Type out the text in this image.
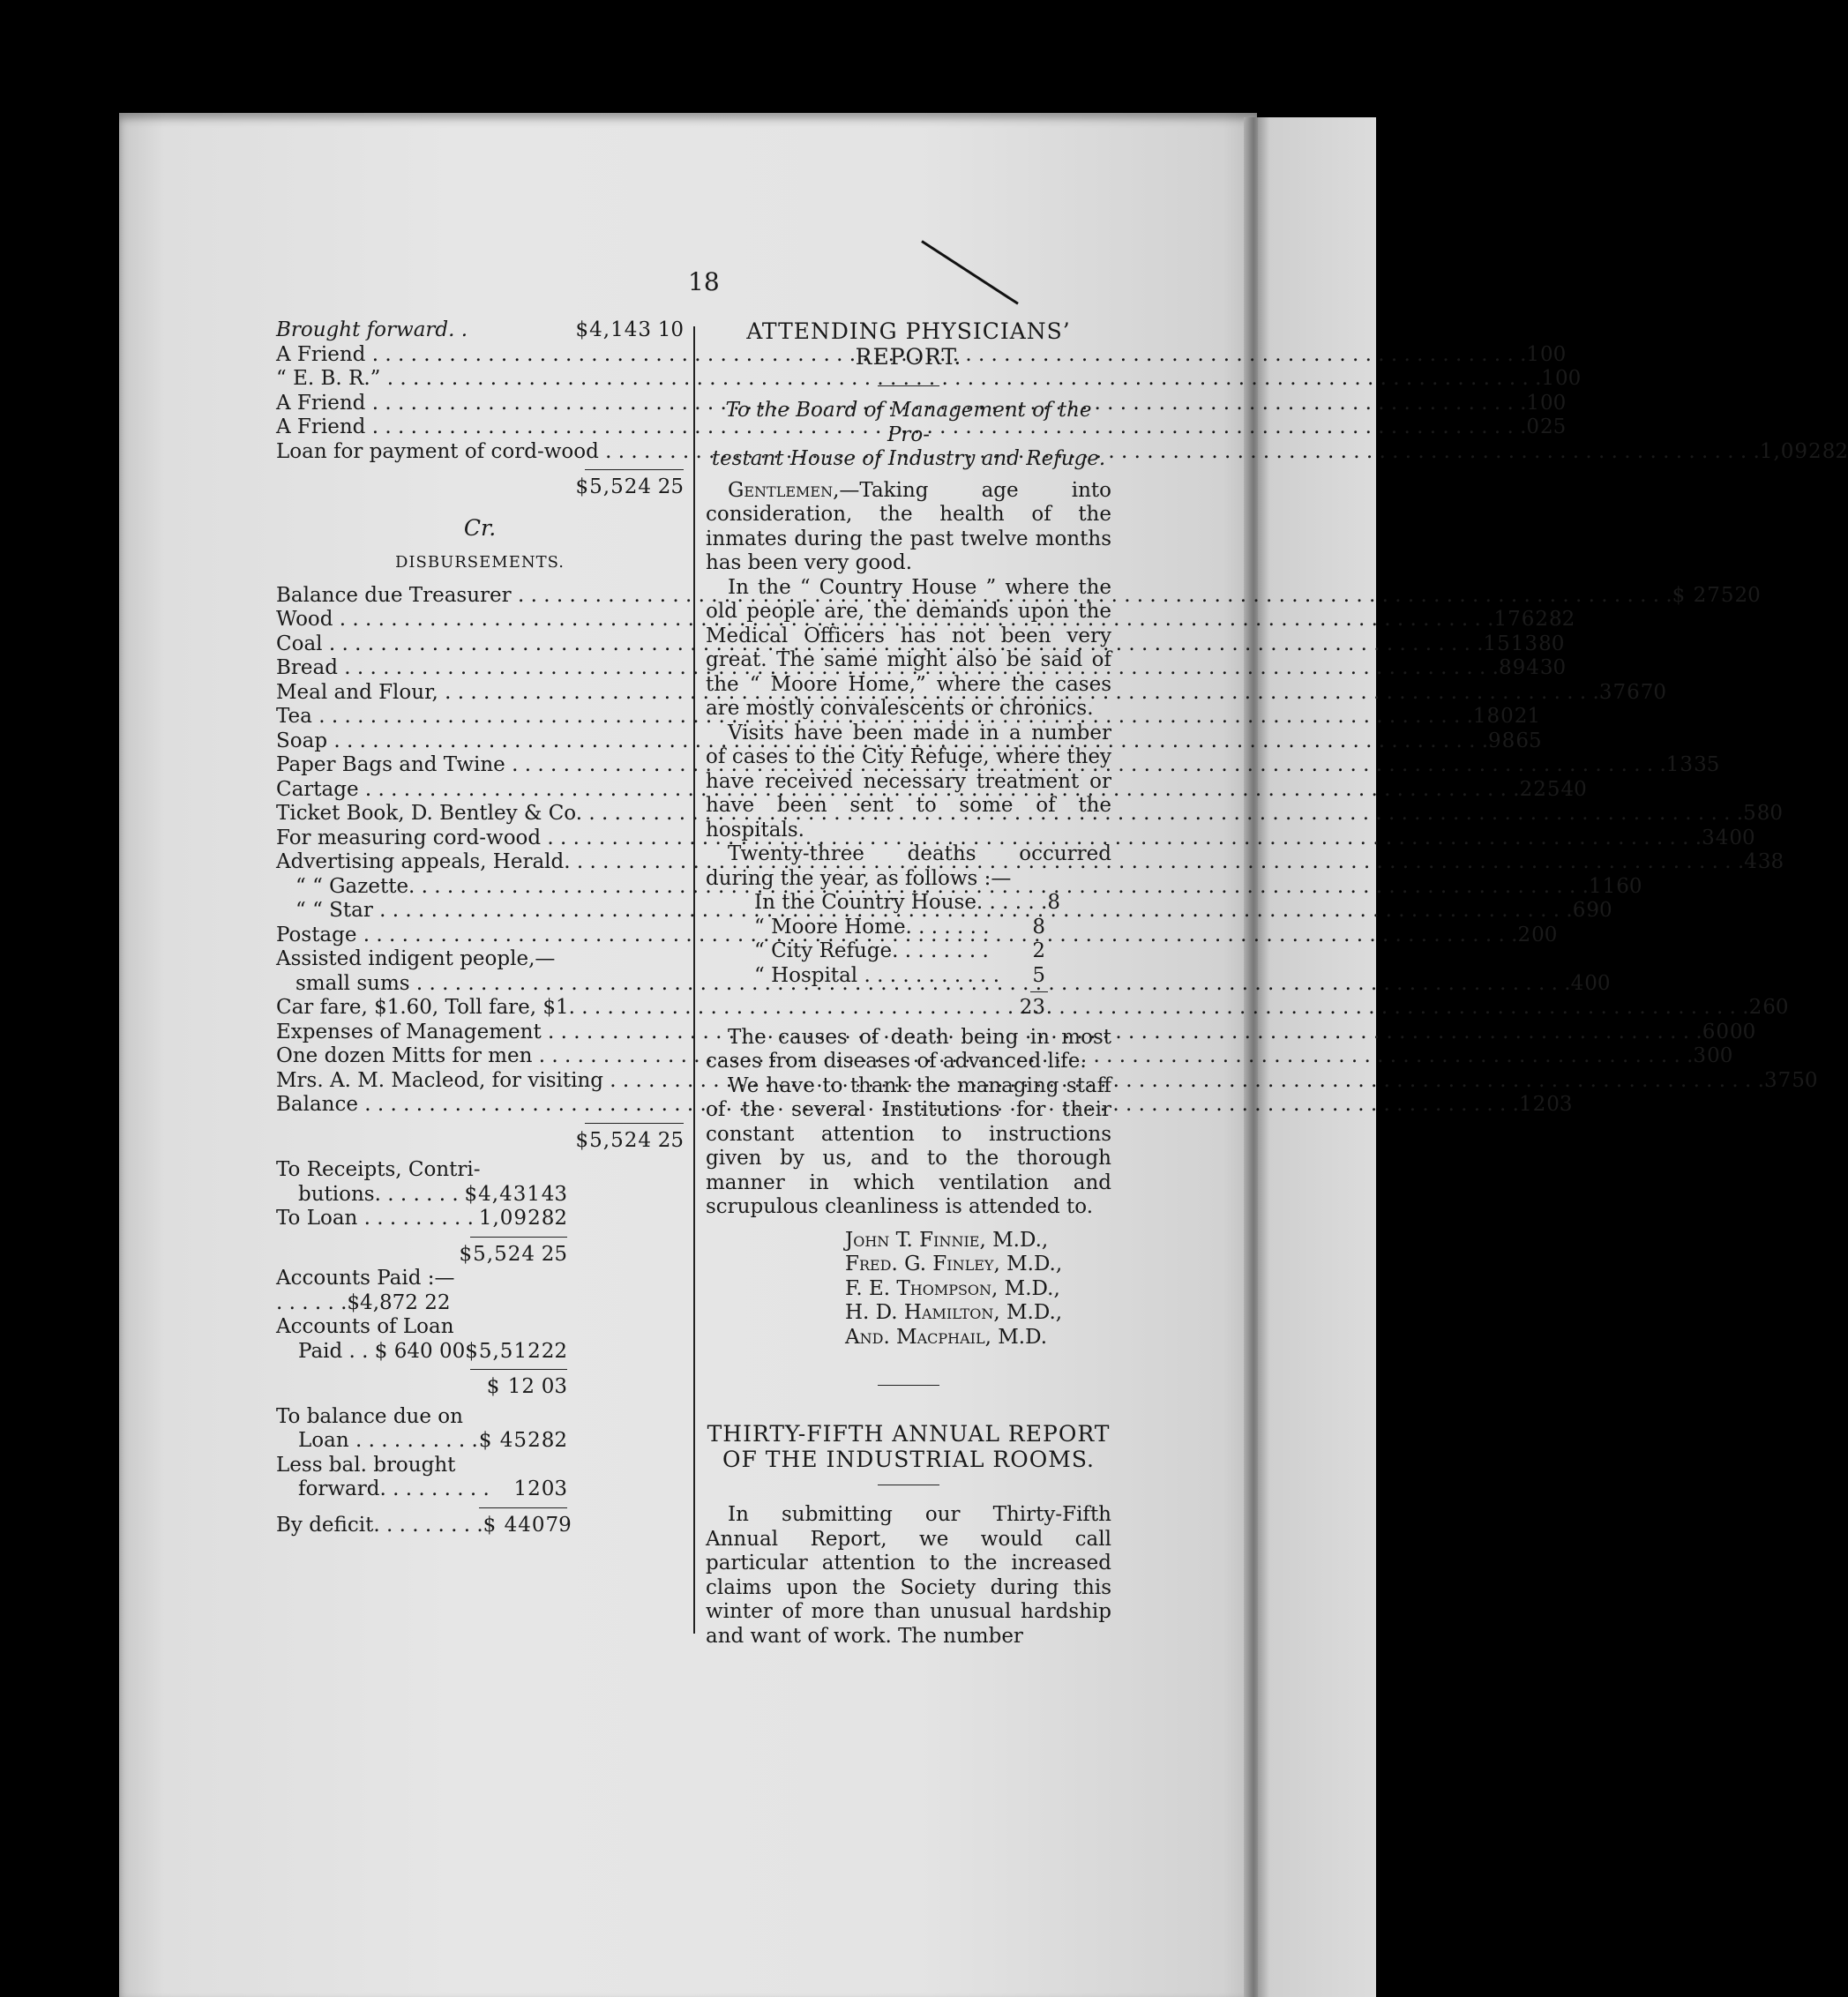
18
Brought forward. .	$4,143 10
A Friend . . .	1 00
“ E. B. R.” . . .	1 00
A Friend . . .	1 00
A Friend . . .	0 25
Loan for payment of cord-wood . . .	1,092 82
$5,524 25
Cr.
DISBURSEMENTS.
Balance due Treasurer . . .	$ 275 20
Wood . . .	1762 82
Coal . . .	1513 80
Bread . . .	894 30
Meal and Flour, . . .	376 70
Tea . . .	180 21
Soap . . .	98 65
Paper Bags and Twine . . .	13 35
Cartage . . .	225 40
Ticket Book, D. Bentley & Co. . . .	5 80
For measuring cord-wood . . .	34 00
Advertising appeals, Herald. . . . .	4 38
“ “ Gazette. . . . .	11 60
“ “ Star . . . . . .	6 90
Postage . . .	2 00
Assisted indigent people,—
small sums . . .	4 00
Car fare, $1.60, Toll fare, $1. . . . .	2 60
Expenses of Management . . .	60 00
One dozen Mitts for men . . .	3 00
Mrs. A. M. Macleod, for visiting . . .	37 50
Balance . . .	12 03
$5,524 25
To Receipts, Contri-
butions. . . . . . . $4,431 43
To Loan . . . . . . . . . 1,092 82
$5,524 25
Accounts Paid :—
. . . . . .$4,872 22
Accounts of Loan
Paid . . $ 640 00 $5,512 22
$ 12 03
To balance due on
Loan . . . . . . . . . . $ 452 82
Less bal. brought
forward. . . . . . . . .	12 03
By deficit. . . . . . . . . $ 440 79
ATTENDING PHYSICIANS’
REPORT.
To the Board of Management of the Pro-
testant House of Industry and Refuge.

Gentlemen,—Taking age into consideration, the health of the inmates during the past twelve months has been very good.

In the “ Country House ” where the old people are, the demands upon the Medical Officers has not been very great. The same might also be said of the “ Moore Home,” where the cases are mostly convalescents or chronics.

Visits have been made in a number of cases to the City Refuge, where they have received necessary treatment or have been sent to some of the hospitals.

Twenty-three deaths occurred during the year, as follows :—

In the Country House. . . . . . 8
“ Moore Home. . . . . . .	8
“ City Refuge. . . . . . . .	2
“ Hospital . . . . . . . . . . .	5
23

The causes of death being in most cases from diseases of advanced life.

We have to thank the managing staff of the several Institutions for their constant attention to instructions given by us, and to the thorough manner in which ventilation and scrupulous cleanliness is attended to.

John T. Finnie, M.D.,
Fred. G. Finley, M.D.,
F. E. Thompson, M.D.,
H. D. Hamilton, M.D.,
And. Macphail, M.D.
THIRTY-FIFTH ANNUAL REPORT
OF THE INDUSTRIAL ROOMS.

In submitting our Thirty-Fifth Annual Report, we would call particular attention to the increased claims upon the Society during this winter of more than unusual hardship and want of work. The number
